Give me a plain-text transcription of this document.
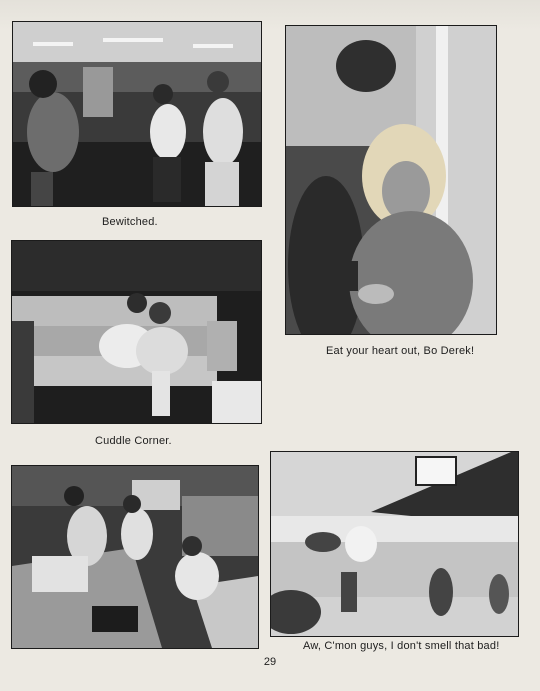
Bewitched.
Eat your heart out, Bo Derek!
Cuddle Corner.
Aw, C'mon guys, I don't smell that bad!
29
